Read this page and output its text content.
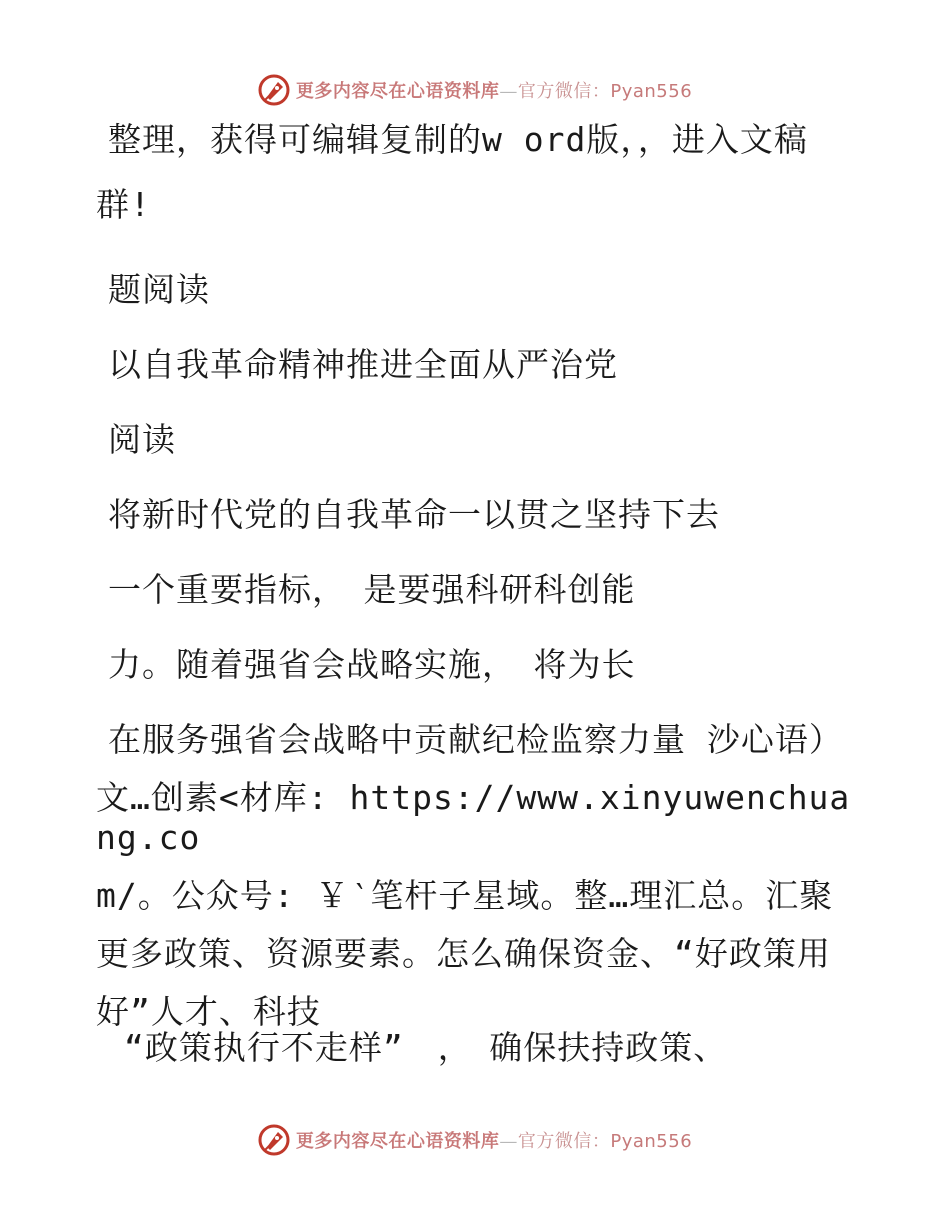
更多内容尽在心语资料库—官方微信：Pyan556

整理，获得可编辑复制的w ord版，，进入文稿

群!

题阅读

以自我革命精神推进全面从严治党

阅读

将新时代党的自我革命一以贯之坚持下去

一个重要指标，　是要强科研科创能

力。随着强省会战略实施，　将为长

在服务强省会战略中贡献纪检监察力量 沙心语）

文…创素<材库: https://www.xinyuwenchuang.co

m/。公众号: ￥‵笔杆子星域。整…理汇总。汇聚

更多政策、资源要素。怎么确保资金、“好政策用

好”人才、科技

“政策执行不走样”　，　确保扶持政策、

更多内容尽在心语资料库—官方微信：Pyan556
